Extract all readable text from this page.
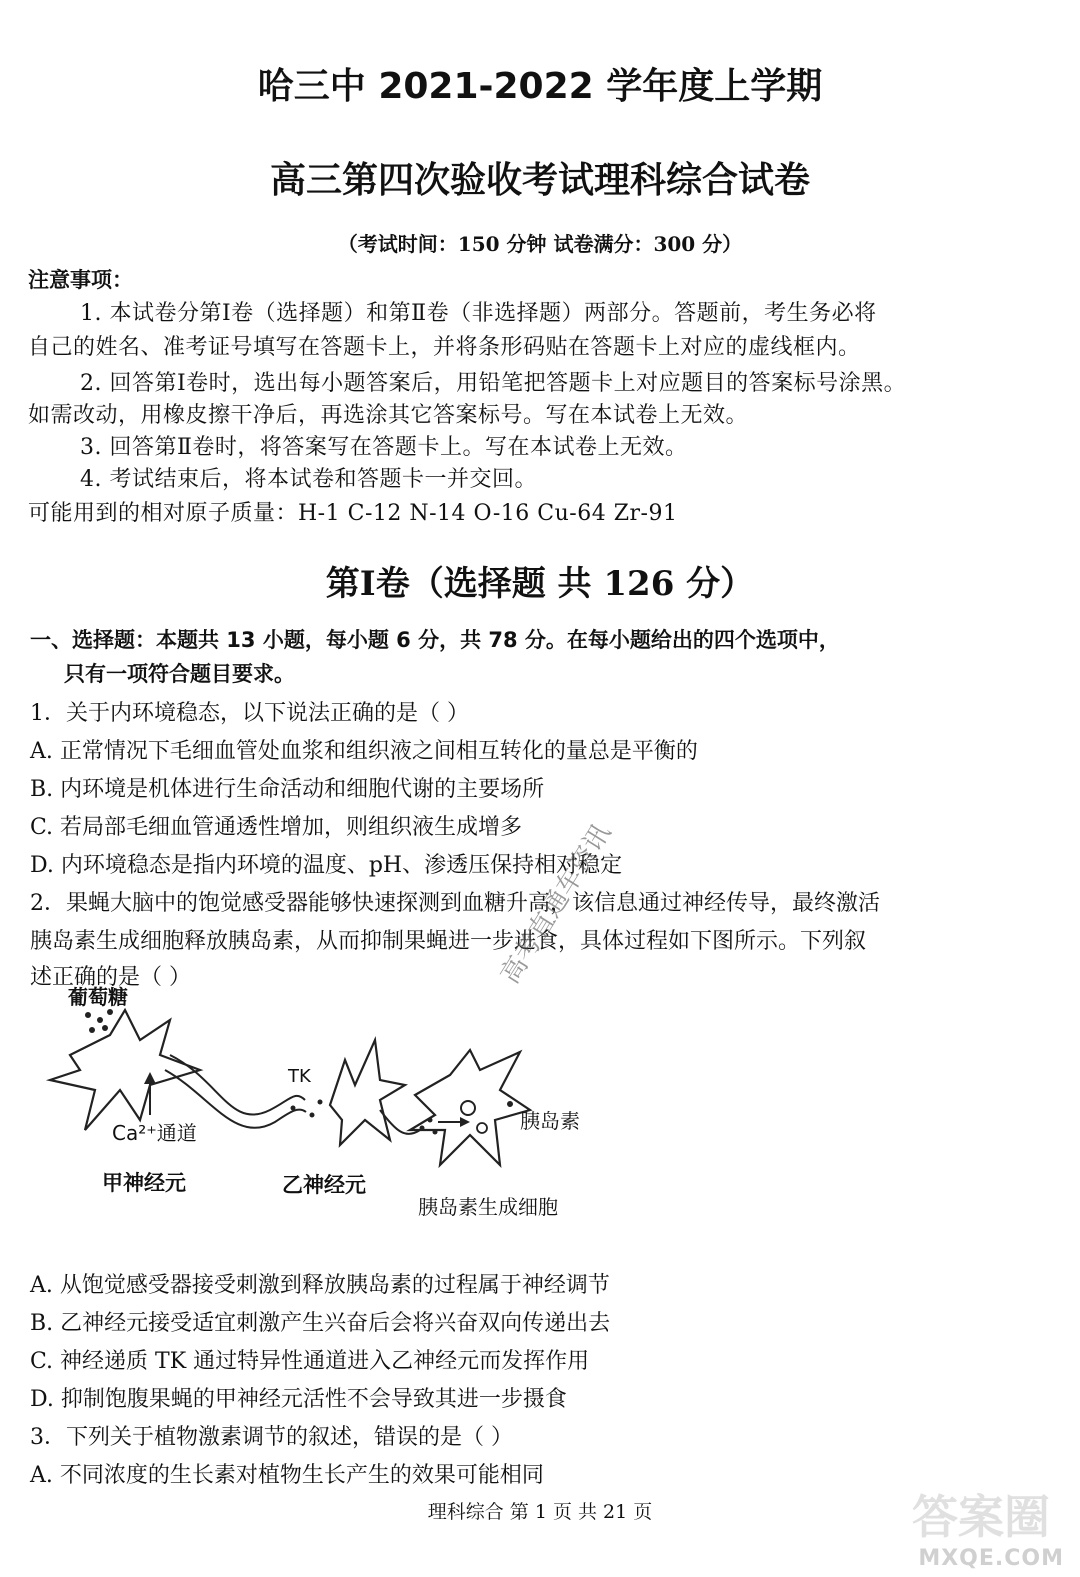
哈三中 2021-2022 学年度上学期
高三第四次验收考试理科综合试卷
（考试时间：150 分钟 试卷满分：300 分）
注意事项：
1. 本试卷分第Ⅰ卷（选择题）和第Ⅱ卷（非选择题）两部分。答题前，考生务必将
自己的姓名、准考证号填写在答题卡上，并将条形码贴在答题卡上对应的虚线框内。
2. 回答第Ⅰ卷时，选出每小题答案后，用铅笔把答题卡上对应题目的答案标号涂黑。
如需改动，用橡皮擦干净后，再选涂其它答案标号。写在本试卷上无效。
3. 回答第Ⅱ卷时，将答案写在答题卡上。写在本试卷上无效。
4. 考试结束后，将本试卷和答题卡一并交回。
可能用到的相对原子质量：H-1 C-12 N-14 O-16 Cu-64 Zr-91
第Ⅰ卷（选择题 共 126 分）
一、选择题：本题共 13 小题，每小题 6 分，共 78 分。在每小题给出的四个选项中，
只有一项符合题目要求。
1．关于内环境稳态，以下说法正确的是（ ）
A. 正常情况下毛细血管处血浆和组织液之间相互转化的量总是平衡的
B. 内环境是机体进行生命活动和细胞代谢的主要场所
C. 若局部毛细血管通透性增加，则组织液生成增多
D. 内环境稳态是指内环境的温度、pH、渗透压保持相对稳定
2．果蝇大脑中的饱觉感受器能够快速探测到血糖升高，该信息通过神经传导，最终激活
胰岛素生成细胞释放胰岛素，从而抑制果蝇进一步进食，具体过程如下图所示。下列叙
述正确的是（ ）
葡萄糖
Ca²⁺通道
甲神经元
TK
乙神经元
胰岛素
胰岛素生成细胞
A. 从饱觉感受器接受刺激到释放胰岛素的过程属于神经调节
B. 乙神经元接受适宜刺激产生兴奋后会将兴奋双向传递出去
C. 神经递质 TK 通过特异性通道进入乙神经元而发挥作用
D. 抑制饱腹果蝇的甲神经元活性不会导致其进一步摄食
3．下列关于植物激素调节的叙述，错误的是（ ）
A. 不同浓度的生长素对植物生长产生的效果可能相同
理科综合 第 1 页 共 21 页
高考直通车资讯
答案圈
MXQE.COM
